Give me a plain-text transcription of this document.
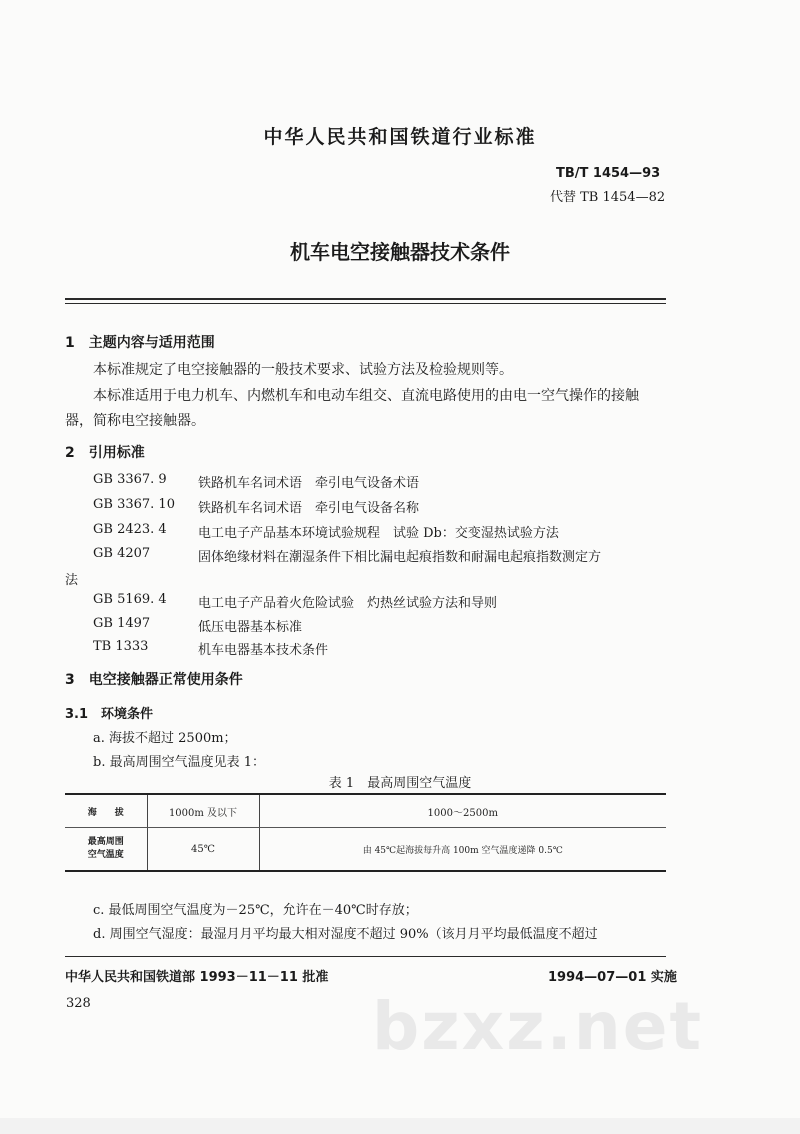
中华人民共和国铁道行业标准
TB/T 1454—93
代替 TB 1454—82
机车电空接触器技术条件
1　主题内容与适用范围
本标准规定了电空接触器的一般技术要求、试验方法及检验规则等。
本标准适用于电力机车、内燃机车和电动车组交、直流电路使用的由电一空气操作的接触
器，简称电空接触器。
2　引用标准
GB 3367. 9 铁路机车名词术语　牵引电气设备术语
GB 3367. 10 铁路机车名词术语　牵引电气设备名称
GB 2423. 4 电工电子产品基本环境试验规程　试验 Db：交变湿热试验方法
GB 4207	固体绝缘材料在潮湿条件下相比漏电起痕指数和耐漏电起痕指数测定方
法
GB 5169. 4 电工电子产品着火危险试验　灼热丝试验方法和导则
GB 1497	低压电器基本标准
TB 1333	机车电器基本技术条件
3　电空接触器正常使用条件
3.1　环境条件
a. 海拔不超过 2500m；
b. 最高周围空气温度见表 1：
表 1　最高周围空气温度
海　　拔	1000m 及以下	1000～2500m

最高周围
空气温度	45℃	由 45℃起海拔每升高 100m 空气温度递降 0.5℃
c. 最低周围空气温度为－25℃，允许在－40℃时存放；
d. 周围空气湿度：最湿月月平均最大相对湿度不超过 90%（该月月平均最低温度不超过
中华人民共和国铁道部 1993－11－11 批准	1994—07—01 实施
328	bzxz.net
